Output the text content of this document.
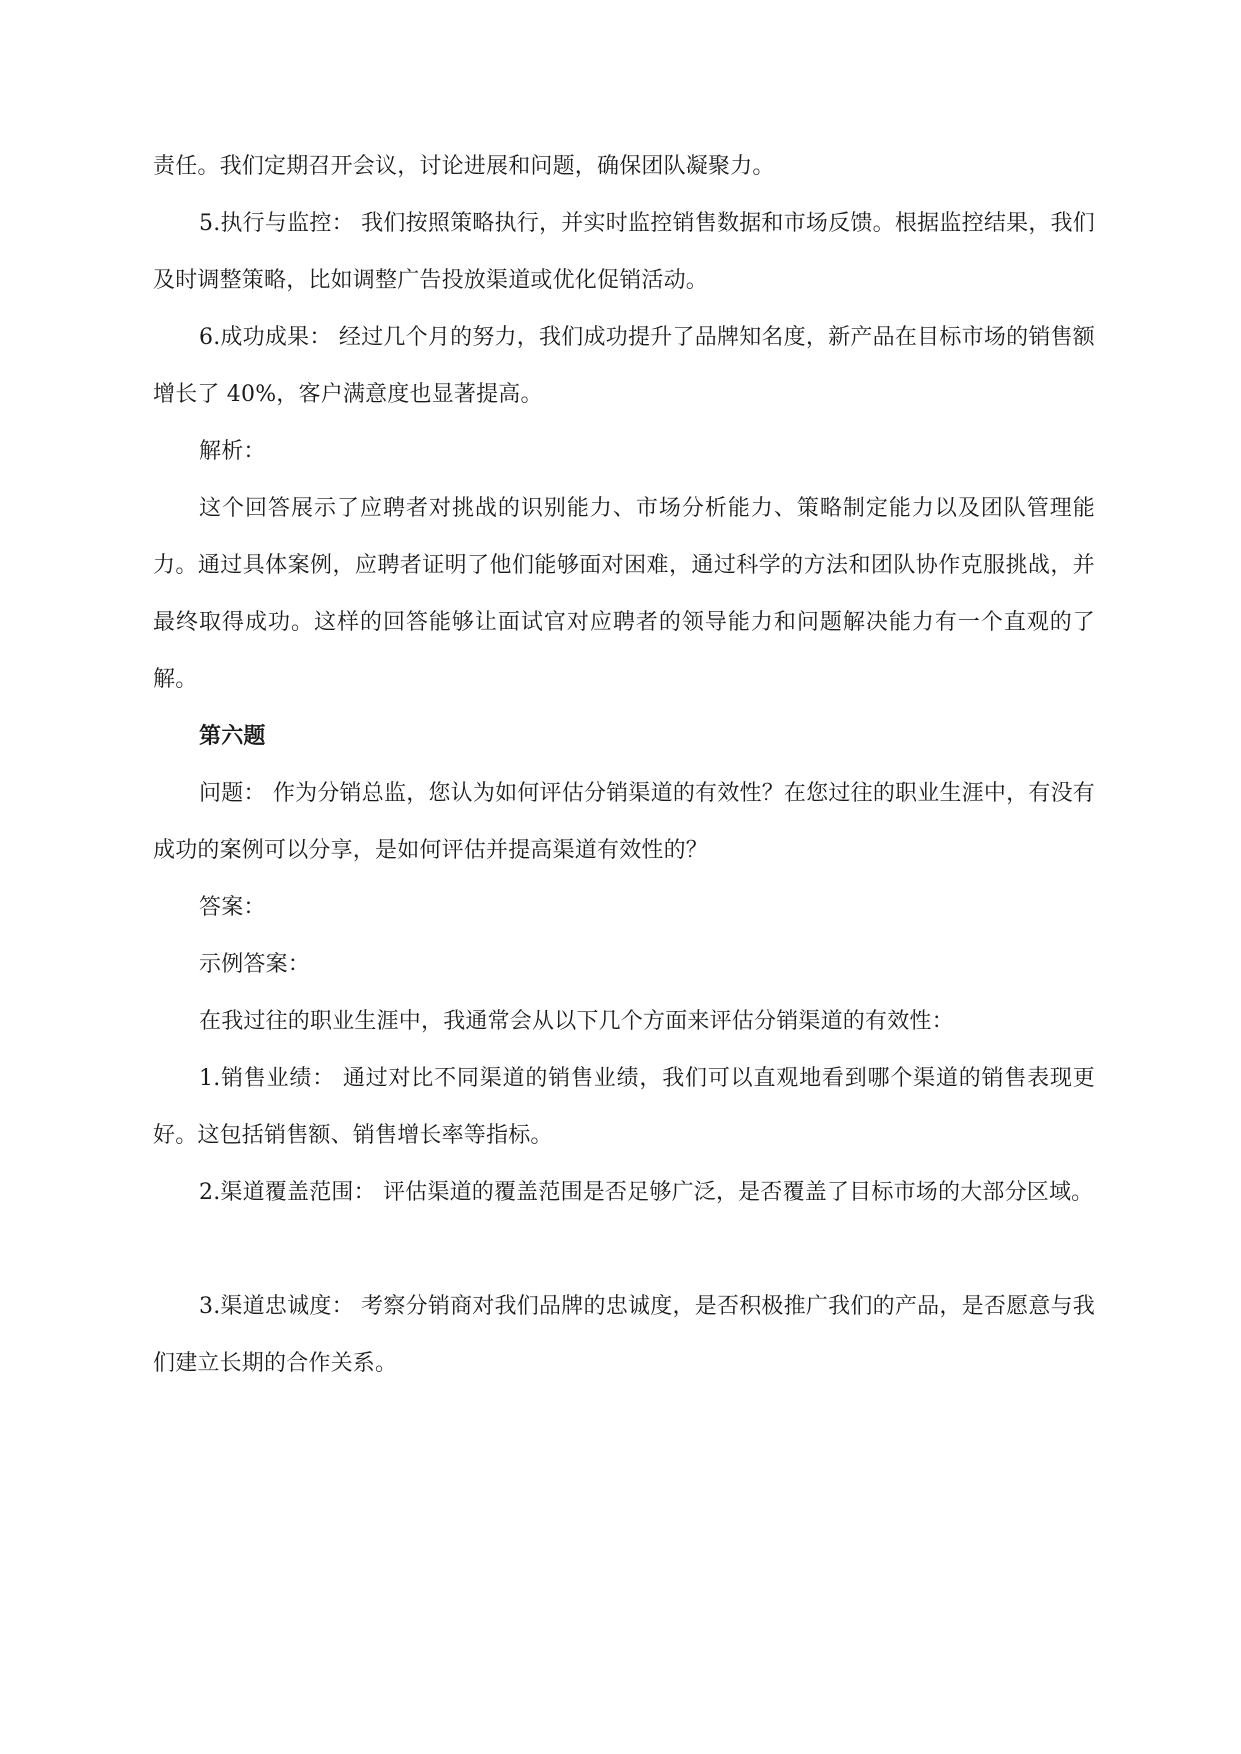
责任。我们定期召开会议，讨论进展和问题，确保团队凝聚力。

5.执行与监控： 我们按照策略执行，并实时监控销售数据和市场反馈。根据监控结果，我们及时调整策略，比如调整广告投放渠道或优化促销活动。

6.成功成果： 经过几个月的努力，我们成功提升了品牌知名度，新产品在目标市场的销售额增长了 40%，客户满意度也显著提高。

解析：

这个回答展示了应聘者对挑战的识别能力、市场分析能力、策略制定能力以及团队管理能力。通过具体案例，应聘者证明了他们能够面对困难，通过科学的方法和团队协作克服挑战，并最终取得成功。这样的回答能够让面试官对应聘者的领导能力和问题解决能力有一个直观的了解。

第六题

问题： 作为分销总监，您认为如何评估分销渠道的有效性？在您过往的职业生涯中，有没有成功的案例可以分享，是如何评估并提高渠道有效性的？

答案：

示例答案：

在我过往的职业生涯中，我通常会从以下几个方面来评估分销渠道的有效性：

1.销售业绩： 通过对比不同渠道的销售业绩，我们可以直观地看到哪个渠道的销售表现更好。这包括销售额、销售增长率等指标。

2.渠道覆盖范围： 评估渠道的覆盖范围是否足够广泛，是否覆盖了目标市场的大部分区域。

3.渠道忠诚度： 考察分销商对我们品牌的忠诚度，是否积极推广我们的产品，是否愿意与我们建立长期的合作关系。
